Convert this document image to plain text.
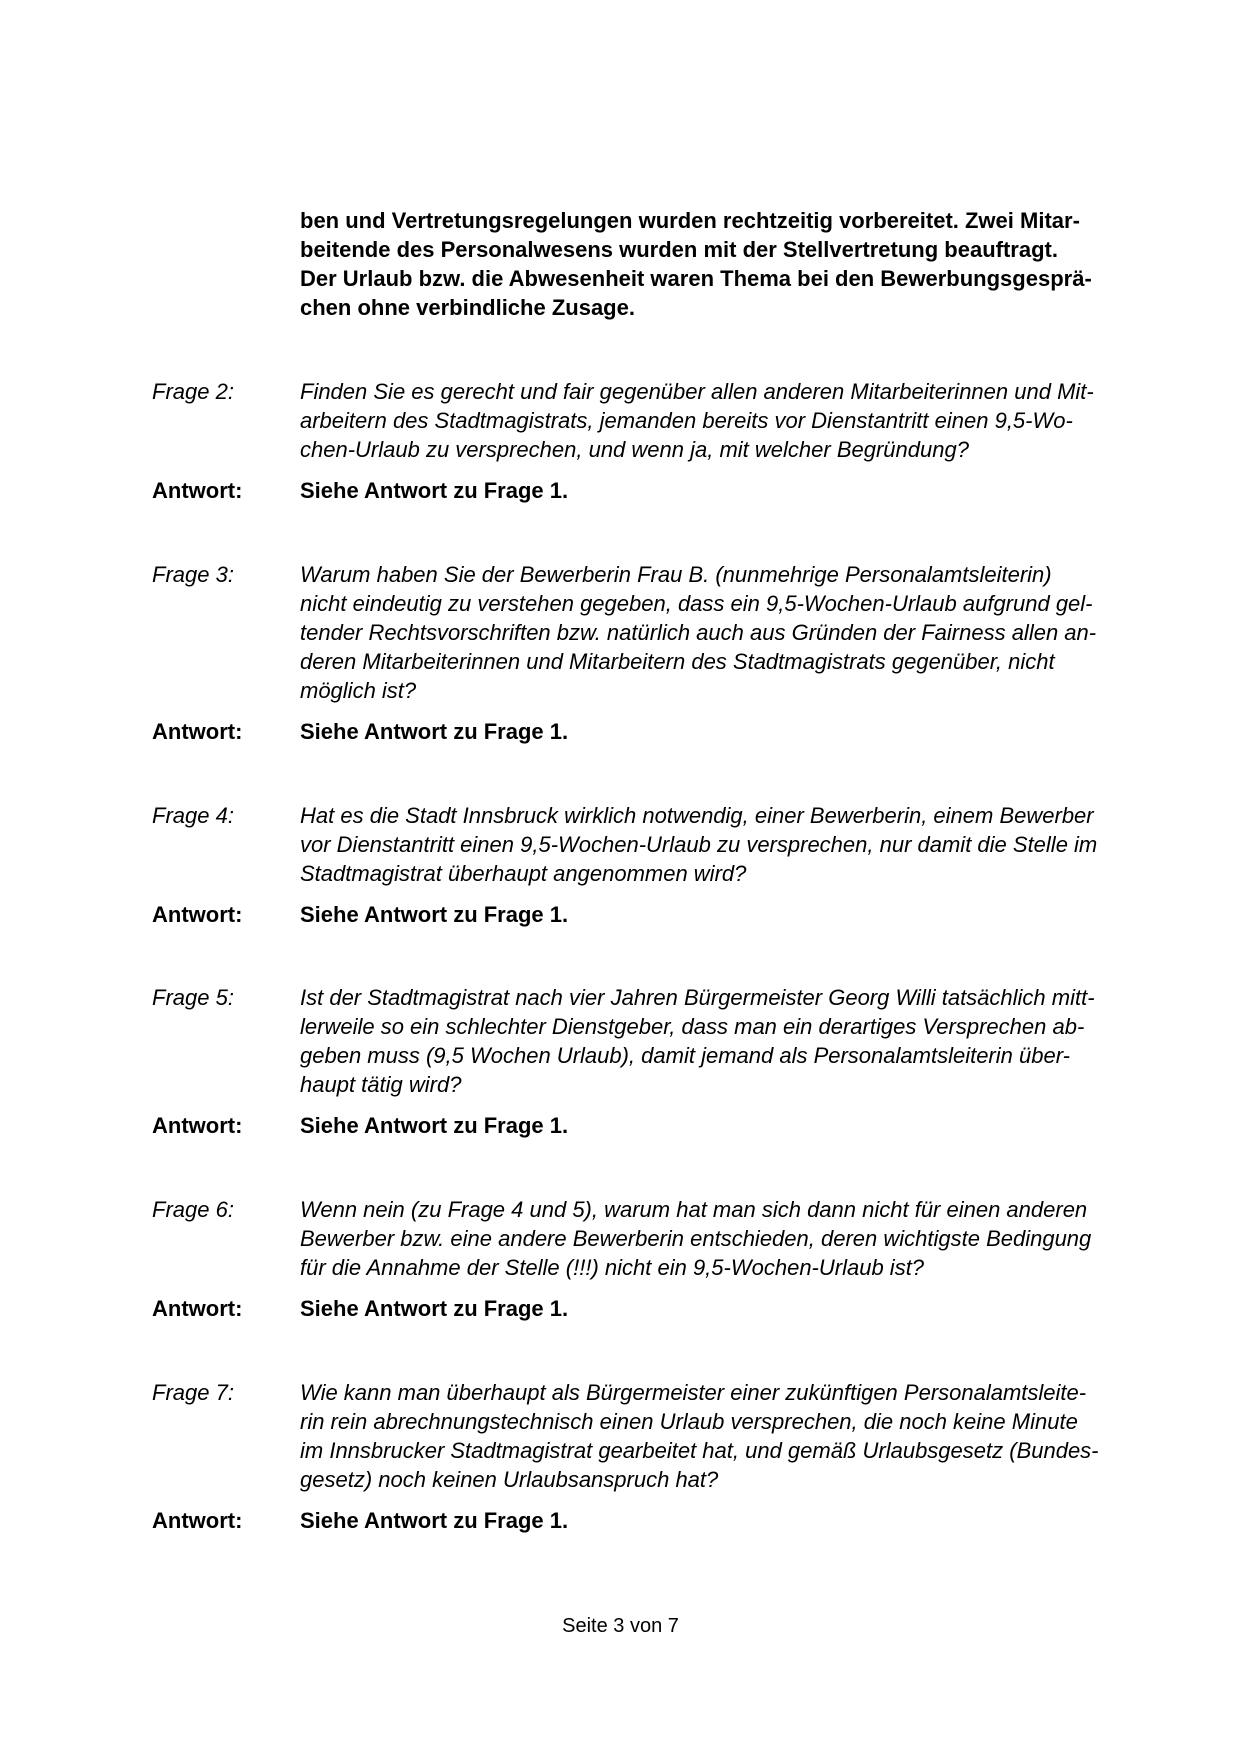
ben und Vertretungsregelungen wurden rechtzeitig vorbereitet. Zwei Mitar-
beitende des Personalwesens wurden mit der Stellvertretung beauftragt.
Der Urlaub bzw. die Abwesenheit waren Thema bei den Bewerbungsgesprä-
chen ohne verbindliche Zusage.
Frage 2:	Finden Sie es gerecht und fair gegenüber allen anderen Mitarbeiterinnen und Mit-
arbeitern des Stadtmagistrats, jemanden bereits vor Dienstantritt einen 9,5-Wo-
chen-Urlaub zu versprechen, und wenn ja, mit welcher Begründung?
Antwort:	Siehe Antwort zu Frage 1.
Frage 3:	Warum haben Sie der Bewerberin Frau B. (nunmehrige Personalamtsleiterin)
nicht eindeutig zu verstehen gegeben, dass ein 9,5-Wochen-Urlaub aufgrund gel-
tender Rechtsvorschriften bzw. natürlich auch aus Gründen der Fairness allen an-
deren Mitarbeiterinnen und Mitarbeitern des Stadtmagistrats gegenüber, nicht
möglich ist?
Antwort:	Siehe Antwort zu Frage 1.
Frage 4:	Hat es die Stadt Innsbruck wirklich notwendig, einer Bewerberin, einem Bewerber
vor Dienstantritt einen 9,5-Wochen-Urlaub zu versprechen, nur damit die Stelle im
Stadtmagistrat überhaupt angenommen wird?
Antwort:	Siehe Antwort zu Frage 1.
Frage 5:	Ist der Stadtmagistrat nach vier Jahren Bürgermeister Georg Willi tatsächlich mitt-
lerweile so ein schlechter Dienstgeber, dass man ein derartiges Versprechen ab-
geben muss (9,5 Wochen Urlaub), damit jemand als Personalamtsleiterin über-
haupt tätig wird?
Antwort:	Siehe Antwort zu Frage 1.
Frage 6:	Wenn nein (zu Frage 4 und 5), warum hat man sich dann nicht für einen anderen
Bewerber bzw. eine andere Bewerberin entschieden, deren wichtigste Bedingung
für die Annahme der Stelle (!!!) nicht ein 9,5-Wochen-Urlaub ist?
Antwort:	Siehe Antwort zu Frage 1.
Frage 7:	Wie kann man überhaupt als Bürgermeister einer zukünftigen Personalamtsleite-
rin rein abrechnungstechnisch einen Urlaub versprechen, die noch keine Minute
im Innsbrucker Stadtmagistrat gearbeitet hat, und gemäß Urlaubsgesetz (Bundes-
gesetz) noch keinen Urlaubsanspruch hat?
Antwort:	Siehe Antwort zu Frage 1.
Seite 3 von 7
